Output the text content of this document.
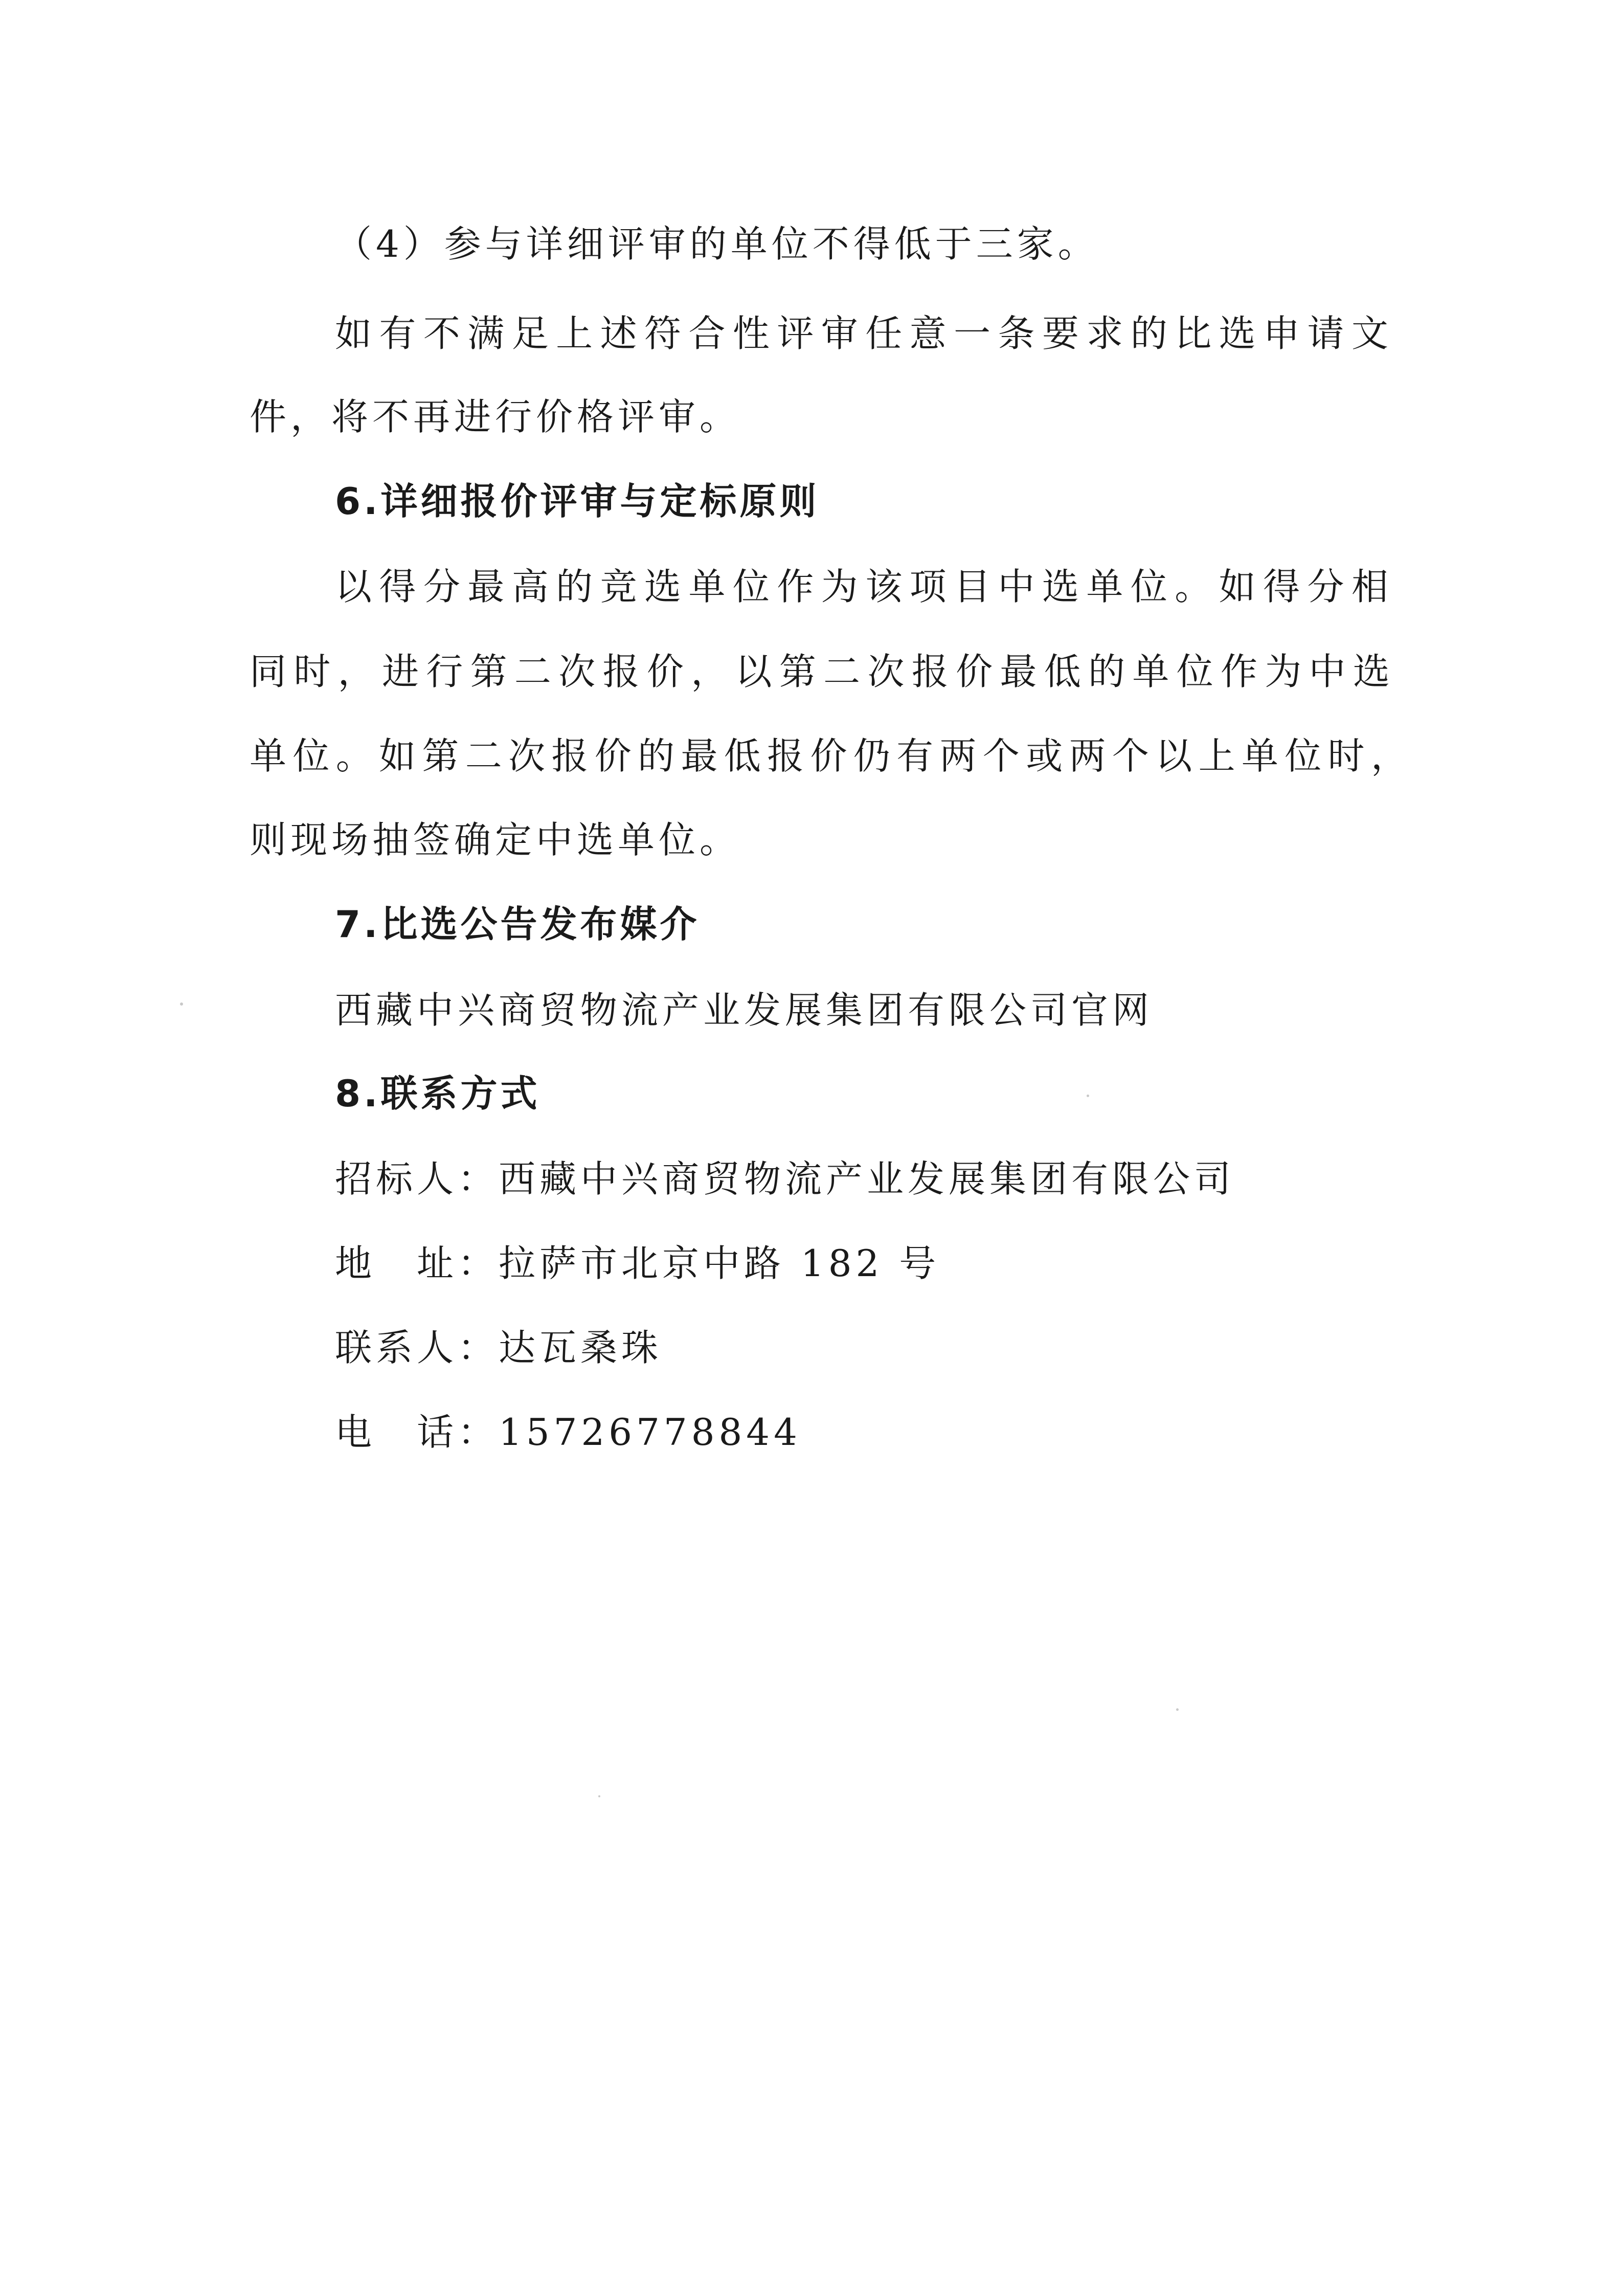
（4）参与详细评审的单位不得低于三家。
如有不满足上述符合性评审任意一条要求的比选申请文
件，将不再进行价格评审。
6.详细报价评审与定标原则
以得分最高的竞选单位作为该项目中选单位。如得分相
同时，进行第二次报价，以第二次报价最低的单位作为中选
单位。如第二次报价的最低报价仍有两个或两个以上单位时，
则现场抽签确定中选单位。
7.比选公告发布媒介
西藏中兴商贸物流产业发展集团有限公司官网
8.联系方式
招标人 ： 西藏中兴商贸物流产业发展集团有限公司
地　址 ： 拉萨市北京中路 182 号
联系人 ： 达瓦桑珠
电　话 ： 15726778844
